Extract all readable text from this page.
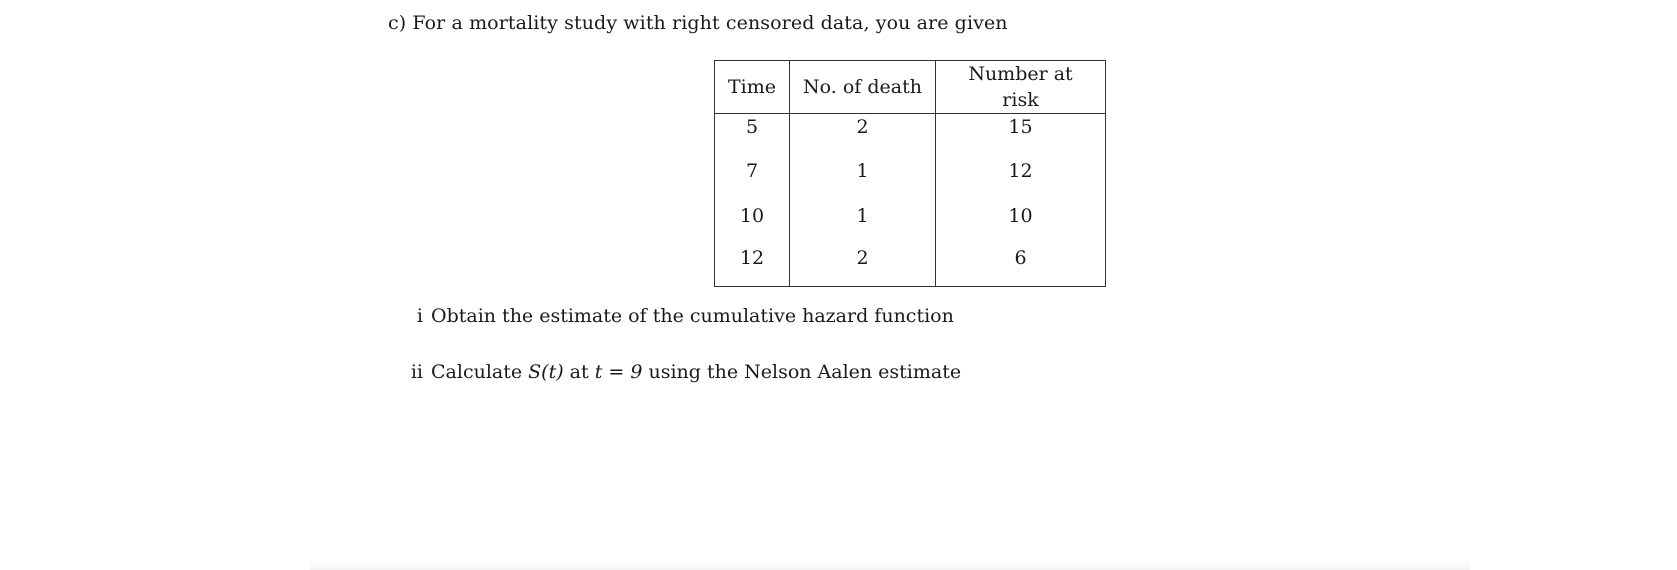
c) For a mortality study with right censored data, you are given
Time	No. of death	Number at risk
5	2	15
7	1	12
10	1	10
12	2	6
i Obtain the estimate of the cumulative hazard function
ii Calculate S(t) at t = 9 using the Nelson Aalen estimate
